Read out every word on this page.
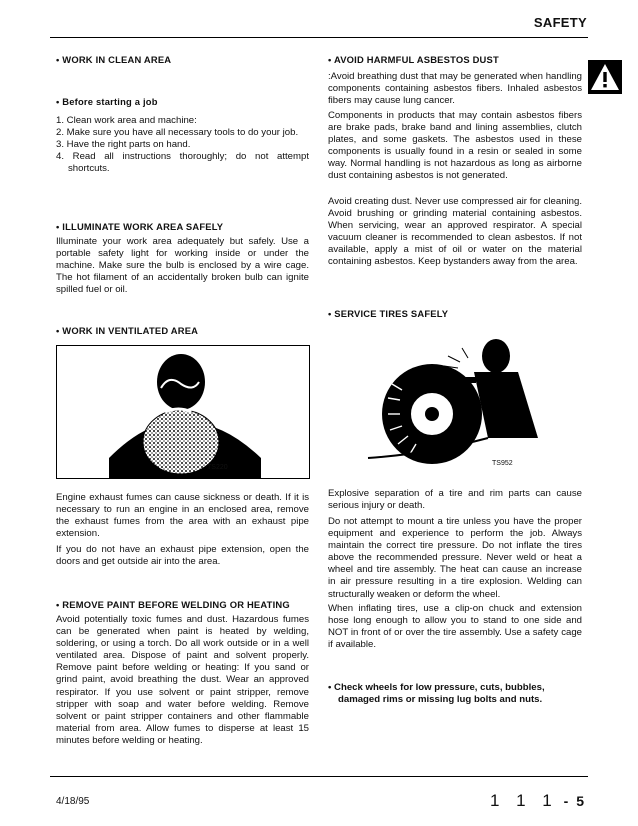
SAFETY
• WORK IN CLEAN AREA
• Before starting a job
1. Clean work area and machine:
2. Make sure you have all necessary tools to do your job.
3. Have the right parts on hand.
4. Read all instructions thoroughly; do not attempt shortcuts.
• ILLUMINATE WORK AREA SAFELY

Illuminate your work area adequately but safely. Use a portable safety light for working inside or under the machine. Make sure the bulb is enclosed by a wire cage. The hot filament of an accidentally broken bulb can ignite spilled fuel or oil.

• WORK IN VENTILATED AREA
TS220

Engine exhaust fumes can cause sickness or death. If it is necessary to run an engine in an enclosed area, remove the exhaust fumes from the area with an exhaust pipe extension.

If you do not have an exhaust pipe extension, open the doors and get outside air into the area.

• REMOVE PAINT BEFORE WELDING OR HEATING

Avoid potentially toxic fumes and dust. Hazardous fumes can be generated when paint is heated by welding, soldering, or using a torch. Do all work outside or in a well ventilated area. Dispose of paint and solvent properly. Remove paint before welding or heating: If you sand or grind paint, avoid breathing the dust. Wear an approved respirator. If you use solvent or paint stripper, remove stripper with soap and water before welding. Remove solvent or paint stripper containers and other flammable material from area. Allow fumes to disperse at least 15 minutes before welding or heating.

• AVOID HARMFUL ASBESTOS DUST

:Avoid breathing dust that may be generated when handling components containing asbestos fibers. Inhaled asbestos fibers may cause lung cancer.

Components in products that may contain asbestos fibers are brake pads, brake band and lining assemblies, clutch plates, and some gaskets. The asbestos used in these components is usually found in a resin or sealed in some way. Normal handling is not hazardous as long as airborne dust containing asbestos is not generated.

Avoid creating dust. Never use compressed air for cleaning. Avoid brushing or grinding material containing asbestos. When servicing, wear an approved respirator. A special vacuum cleaner is recommended to clean asbestos. If not available, apply a mist of oil or water on the material containing asbestos. Keep bystanders away from the area.

• SERVICE TIRES SAFELY
TS952

Explosive separation of a tire and rim parts can cause serious injury or death.

Do not attempt to mount a tire unless you have the proper equipment and experience to perform the job. Always maintain the correct tire pressure. Do not inflate the tires above the recommended pressure. Never weld or heat a wheel and tire assembly. The heat can cause an increase in air pressure resulting in a tire explosion. Welding can structurally weaken or deform the wheel.

When inflating tires, use a clip-on chuck and extension hose long enough to allow you to stand to one side and NOT in front of or over the tire assembly. Use a safety cage if available.

• Check wheels for low pressure, cuts, bubbles, damaged rims or missing lug bolts and nuts.

4/18/95	1 1 1 - 5
